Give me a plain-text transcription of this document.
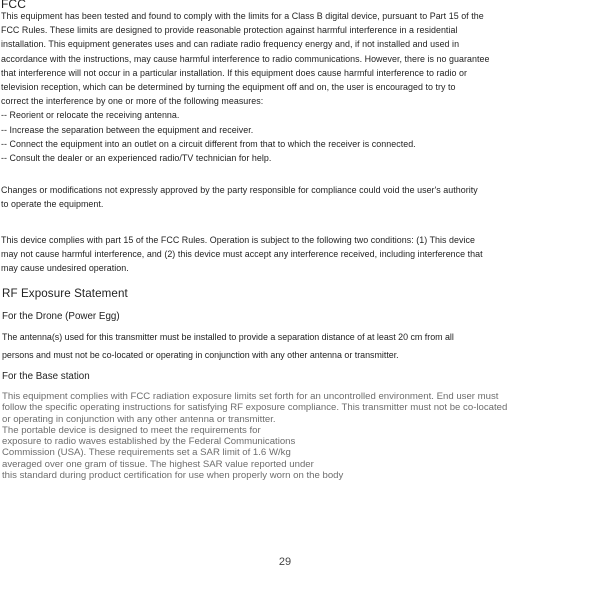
FCC
This equipment has been tested and found to comply with the limits for a Class B digital device, pursuant to Part 15 of the
FCC Rules. These limits are designed to provide reasonable protection against harmful interference in a residential
installation. This equipment generates uses and can radiate radio frequency energy and, if not installed and used in
accordance with the instructions, may cause harmful interference to radio communications. However, there is no guarantee
that interference will not occur in a particular installation. If this equipment does cause harmful interference to radio or
television reception, which can be determined by turning the equipment off and on, the user is encouraged to try to
correct the interference by one or more of the following measures:
-- Reorient or relocate the receiving antenna.
-- Increase the separation between the equipment and receiver.
-- Connect the equipment into an outlet on a circuit different from that to which the receiver is connected.
-- Consult the dealer or an experienced radio/TV technician for help.
Changes or modifications not expressly approved by the party responsible for compliance could void the user's authority
to operate the equipment.
This device complies with part 15 of the FCC Rules. Operation is subject to the following two conditions: (1) This device
may not cause harmful interference, and (2) this device must accept any interference received, including interference that
may cause undesired operation.
RF Exposure Statement
For the Drone (Power Egg)
The antenna(s) used for this transmitter must be installed to provide a separation distance of at least 20 cm from all
persons and must not be co-located or operating in conjunction with any other antenna or transmitter.
For the Base station
This equipment complies with FCC radiation exposure limits set forth for an uncontrolled environment. End user must
follow the specific operating instructions for satisfying RF exposure compliance. This transmitter must not be co-located
or operating in conjunction with any other antenna or transmitter.
The portable device is designed to meet the requirements for
exposure to radio waves established by the Federal Communications
Commission (USA). These requirements set a SAR limit of 1.6 W/kg
averaged over one gram of tissue. The highest SAR value reported under
this standard during product certification for use when properly worn on the body
29
